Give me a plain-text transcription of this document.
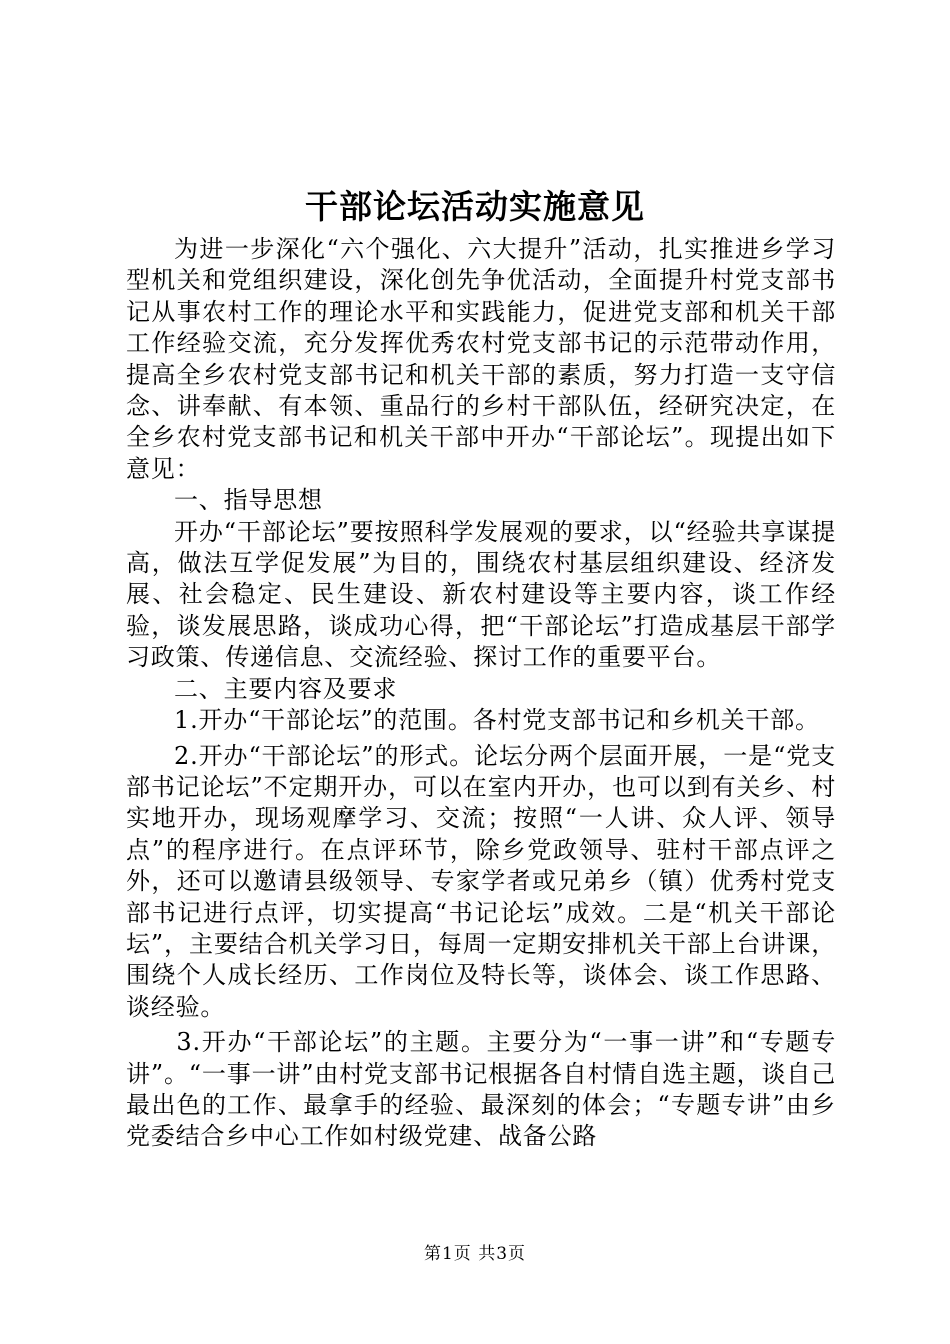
干部论坛活动实施意见

为进一步深化“六个强化、六大提升”活动，扎实推进乡学习型机关和党组织建设，深化创先争优活动，全面提升村党支部书记从事农村工作的理论水平和实践能力，促进党支部和机关干部工作经验交流，充分发挥优秀农村党支部书记的示范带动作用，提高全乡农村党支部书记和机关干部的素质，努力打造一支守信念、讲奉献、有本领、重品行的乡村干部队伍，经研究决定，在全乡农村党支部书记和机关干部中开办“干部论坛”。现提出如下意见：

一、指导思想

开办“干部论坛”要按照科学发展观的要求，以“经验共享谋提高，做法互学促发展”为目的，围绕农村基层组织建设、经济发展、社会稳定、民生建设、新农村建设等主要内容，谈工作经验，谈发展思路，谈成功心得，把“干部论坛”打造成基层干部学习政策、传递信息、交流经验、探讨工作的重要平台。

二、主要内容及要求

1.开办“干部论坛”的范围。各村党支部书记和乡机关干部。

2.开办“干部论坛”的形式。论坛分两个层面开展，一是“党支部书记论坛”不定期开办，可以在室内开办，也可以到有关乡、村实地开办，现场观摩学习、交流；按照“一人讲、众人评、领导点”的程序进行。在点评环节，除乡党政领导、驻村干部点评之外，还可以邀请县级领导、专家学者或兄弟乡（镇）优秀村党支部书记进行点评，切实提高“书记论坛”成效。二是“机关干部论坛”，主要结合机关学习日，每周一定期安排机关干部上台讲课，围绕个人成长经历、工作岗位及特长等，谈体会、谈工作思路、谈经验。

3.开办“干部论坛”的主题。主要分为“一事一讲”和“专题专讲”。“一事一讲”由村党支部书记根据各自村情自选主题，谈自己最出色的工作、最拿手的经验、最深刻的体会；“专题专讲”由乡党委结合乡中心工作如村级党建、战备公路

第1页 共3页
